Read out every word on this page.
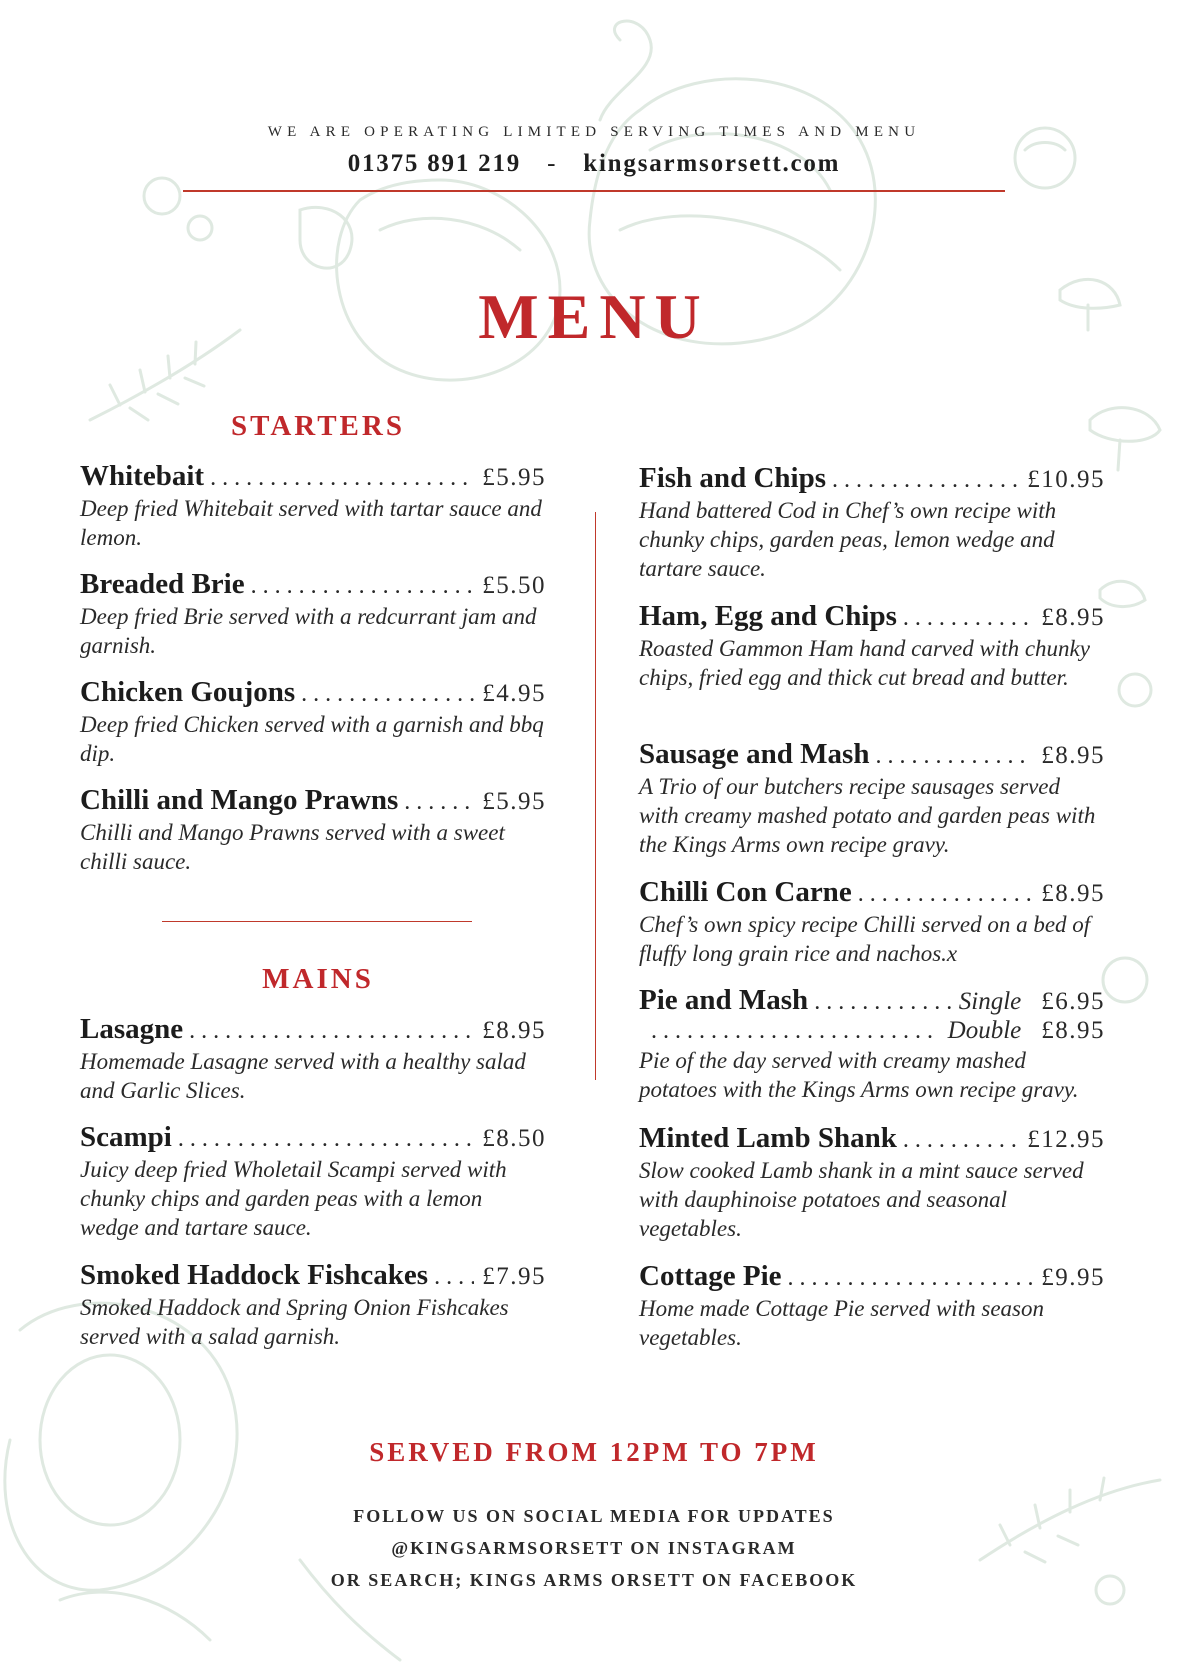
WE ARE OPERATING LIMITED SERVING TIMES AND MENU
01375 891 219 - kingsarmsorsett.com
MENU
STARTERS
Whitebait . . .	£5.95
Deep fried Whitebait served with tartar sauce and lemon.
Breaded Brie . . .	£5.50
Deep fried Brie served with a redcurrant jam and garnish.
Chicken Goujons . . .	£4.95
Deep fried Chicken served with a garnish and bbq dip.
Chilli and Mango Prawns . . .	£5.95
Chilli and Mango Prawns served with a sweet chilli sauce.
MAINS
Lasagne . . .	£8.95
Homemade Lasagne served with a healthy salad and Garlic Slices.
Scampi . . .	£8.50
Juicy deep fried Wholetail Scampi served with chunky chips and garden peas with a lemon wedge and tartare sauce.
Smoked Haddock Fishcakes . . . £7.95
Smoked Haddock and Spring Onion Fishcakes served with a salad garnish.
Fish and Chips . . .	£10.95
Hand battered Cod in Chef’s own recipe with chunky chips, garden peas, lemon wedge and tartare sauce.
Ham, Egg and Chips . . .	£8.95
Roasted Gammon Ham hand carved with chunky chips, fried egg and thick cut bread and butter.
Sausage and Mash . . .	£8.95
A Trio of our butchers recipe sausages served with creamy mashed potato and garden peas with the Kings Arms own recipe gravy.
Chilli Con Carne . . .	£8.95
Chef’s own spicy recipe Chilli served on a bed of fluffy long grain rice and nachos.x
Pie and Mash . . .	Single £6.95
. . .
Double £8.95
Pie of the day served with creamy mashed potatoes with the Kings Arms own recipe gravy.
Minted Lamb Shank . . .	£12.95
Slow cooked Lamb shank in a mint sauce served with dauphinoise potatoes and seasonal vegetables.
Cottage Pie . . .	£9.95
Home made Cottage Pie served with season vegetables.
SERVED FROM 12PM TO 7PM
FOLLOW US ON SOCIAL MEDIA FOR UPDATES
@KINGSARMSORSETT ON INSTAGRAM
OR SEARCH; KINGS ARMS ORSETT ON FACEBOOK
